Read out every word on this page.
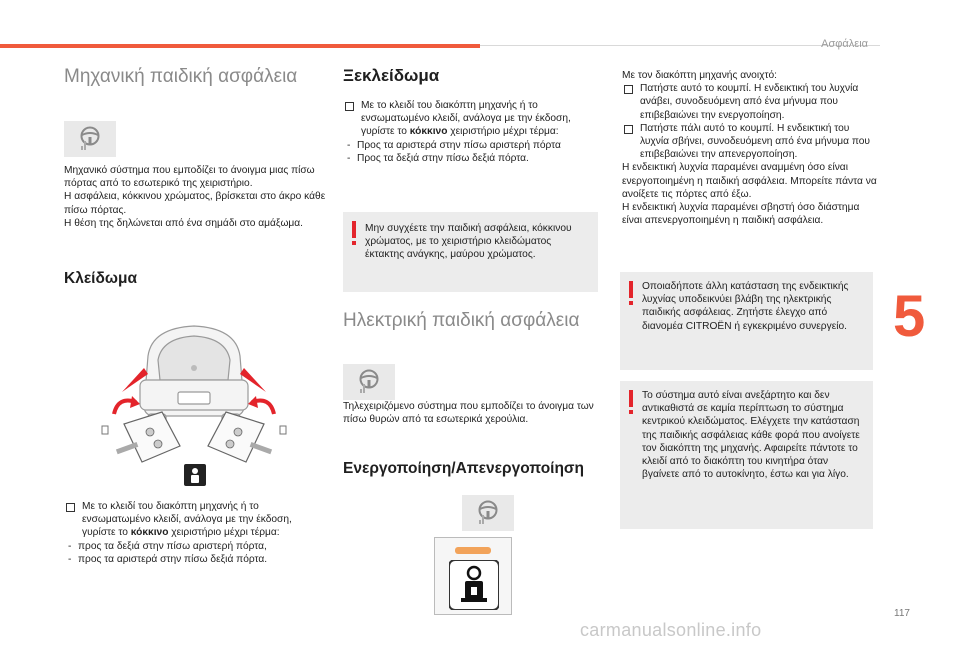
Ασφάλεια
5
117
carmanualsonline.info
Μηχανική παιδική ασφάλεια
Μηχανικό σύστημα που εμποδίζει το άνοιγμα μιας πίσω πόρτας από το εσωτερικό της χειριστήριο.
Η ασφάλεια, κόκκινου χρώματος, βρίσκεται στο άκρο κάθε πίσω πόρτας.
Η θέση της δηλώνεται από ένα σημάδι στο αμάξωμα.
Κλείδωμα
Με το κλειδί του διακόπτη μηχανής ή το ενσωματωμένο κλειδί, ανάλογα με την έκδοση, γυρίστε το κόκκινο χειριστήριο μέχρι τέρμα:
- προς τα δεξιά στην πίσω αριστερή πόρτα,
- προς τα αριστερά στην πίσω δεξιά πόρτα.
Ξεκλείδωμα
Με το κλειδί του διακόπτη μηχανής ή το ενσωματωμένο κλειδί, ανάλογα με την έκδοση, γυρίστε το κόκκινο χειριστήριο μέχρι τέρμα:
- Προς τα αριστερά στην πίσω αριστερή πόρτα
- Προς τα δεξιά στην πίσω δεξιά πόρτα.
Μην συγχέετε την παιδική ασφάλεια, κόκκινου χρώματος, με το χειριστήριο κλειδώματος έκτακτης ανάγκης, μαύρου χρώματος.
Ηλεκτρική παιδική ασφάλεια
Τηλεχειριζόμενο σύστημα που εμποδίζει το άνοιγμα των πίσω θυρών από τα εσωτερικά χερούλια.
Ενεργοποίηση/Απενεργοποίηση
Με τον διακόπτη μηχανής ανοιχτό:
Πατήστε αυτό το κουμπί. Η ενδεικτική του λυχνία ανάβει, συνοδευόμενη από ένα μήνυμα που επιβεβαιώνει την ενεργοποίηση.
Πατήστε πάλι αυτό το κουμπί. Η ενδεικτική του λυχνία σβήνει, συνοδευόμενη από ένα μήνυμα που επιβεβαιώνει την απενεργοποίηση.
Η ενδεικτική λυχνία παραμένει αναμμένη όσο είναι ενεργοποιημένη η παιδική ασφάλεια. Μπορείτε πάντα να ανοίξετε τις πόρτες από έξω.
Η ενδεικτική λυχνία παραμένει σβηστή όσο διάστημα είναι απενεργοποιημένη η παιδική ασφάλεια.
Οποιαδήποτε άλλη κατάσταση της ενδεικτικής λυχνίας υποδεικνύει βλάβη της ηλεκτρικής παιδικής ασφάλειας. Ζητήστε έλεγχο από διανομέα CITROËN ή εγκεκριμένο συνεργείο.
Το σύστημα αυτό είναι ανεξάρτητο και δεν αντικαθιστά σε καμία περίπτωση το σύστημα κεντρικού κλειδώματος. Ελέγχετε την κατάσταση της παιδικής ασφάλειας κάθε φορά που ανοίγετε τον διακόπτη της μηχανής. Αφαιρείτε πάντοτε το κλειδί από το διακόπτη του κινητήρα όταν βγαίνετε από το αυτοκίνητο, έστω και για λίγο.
